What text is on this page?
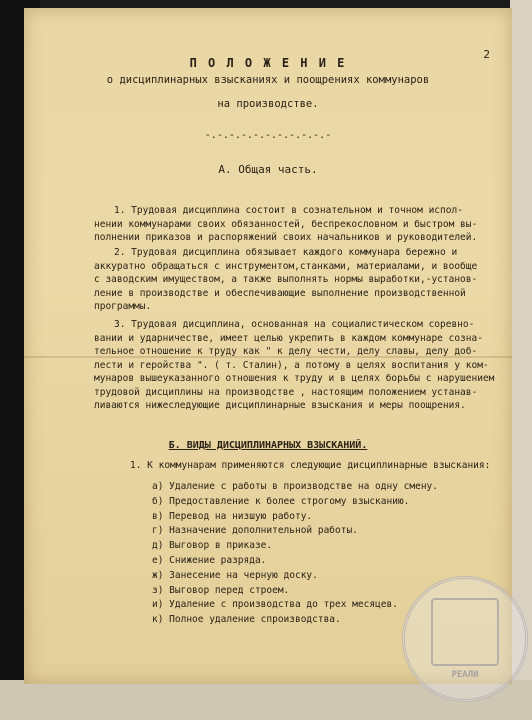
2
П О Л О Ж Е Н И Е
о дисциплинарных взысканиях и поощрениях коммунаров
на производстве.
-.-.-.-.-.-.-.-.-.-.-
А. Общая часть.
1. Трудовая дисциплина состоит в сознательном и точном испол-
нении коммунарами своих обязанностей, беспрекословном и быстром вы-
полнении приказов и распоряжений своих начальников и руководителей.
2. Трудовая дисциплина обязывает каждого коммунара бережно и
аккуратно обращаться с инструментом,станками, материалами, и вообще
с заводским имуществом, а также выполнять нормы выработки,-установ-
ление в производстве и обеспечивающие выполнение производственной
программы.
3. Трудовая дисциплина, основанная на социалистическом соревно-
вании и ударничестве, имеет целью укрепить в каждом коммунаре созна-
тельное отношение к труду как " к делу чести, делу славы, делу доб-
лести и геройства ". ( т. Сталин), а потому в целях воспитания у ком-
мунаров вышеуказанного отношения к труду и в целях борьбы с нарушением
трудовой дисциплины на производстве , настоящим положением устанав-
ливаются нижеследующие дисциплинарные взыскания и меры поощрения.
Б. ВИДЫ ДИСЦИПЛИНАРНЫХ ВЗЫСКАНИЙ.
1. К коммунарам применяются следующие дисциплинарные взыскания:
а) Удаление с работы в производстве на одну смену.
б) Предоставление к более строгому взысканию.
в) Перевод на низшую работу.
г) Назначение дополнительной работы.
д) Выговор в приказе.
е) Снижение разряда.
ж) Занесение на черную доску.
з) Выговор перед строем.
и) Удаление с производства до трех месяцев.
к) Полное удаление спроизводства.
РЕАЛИ
